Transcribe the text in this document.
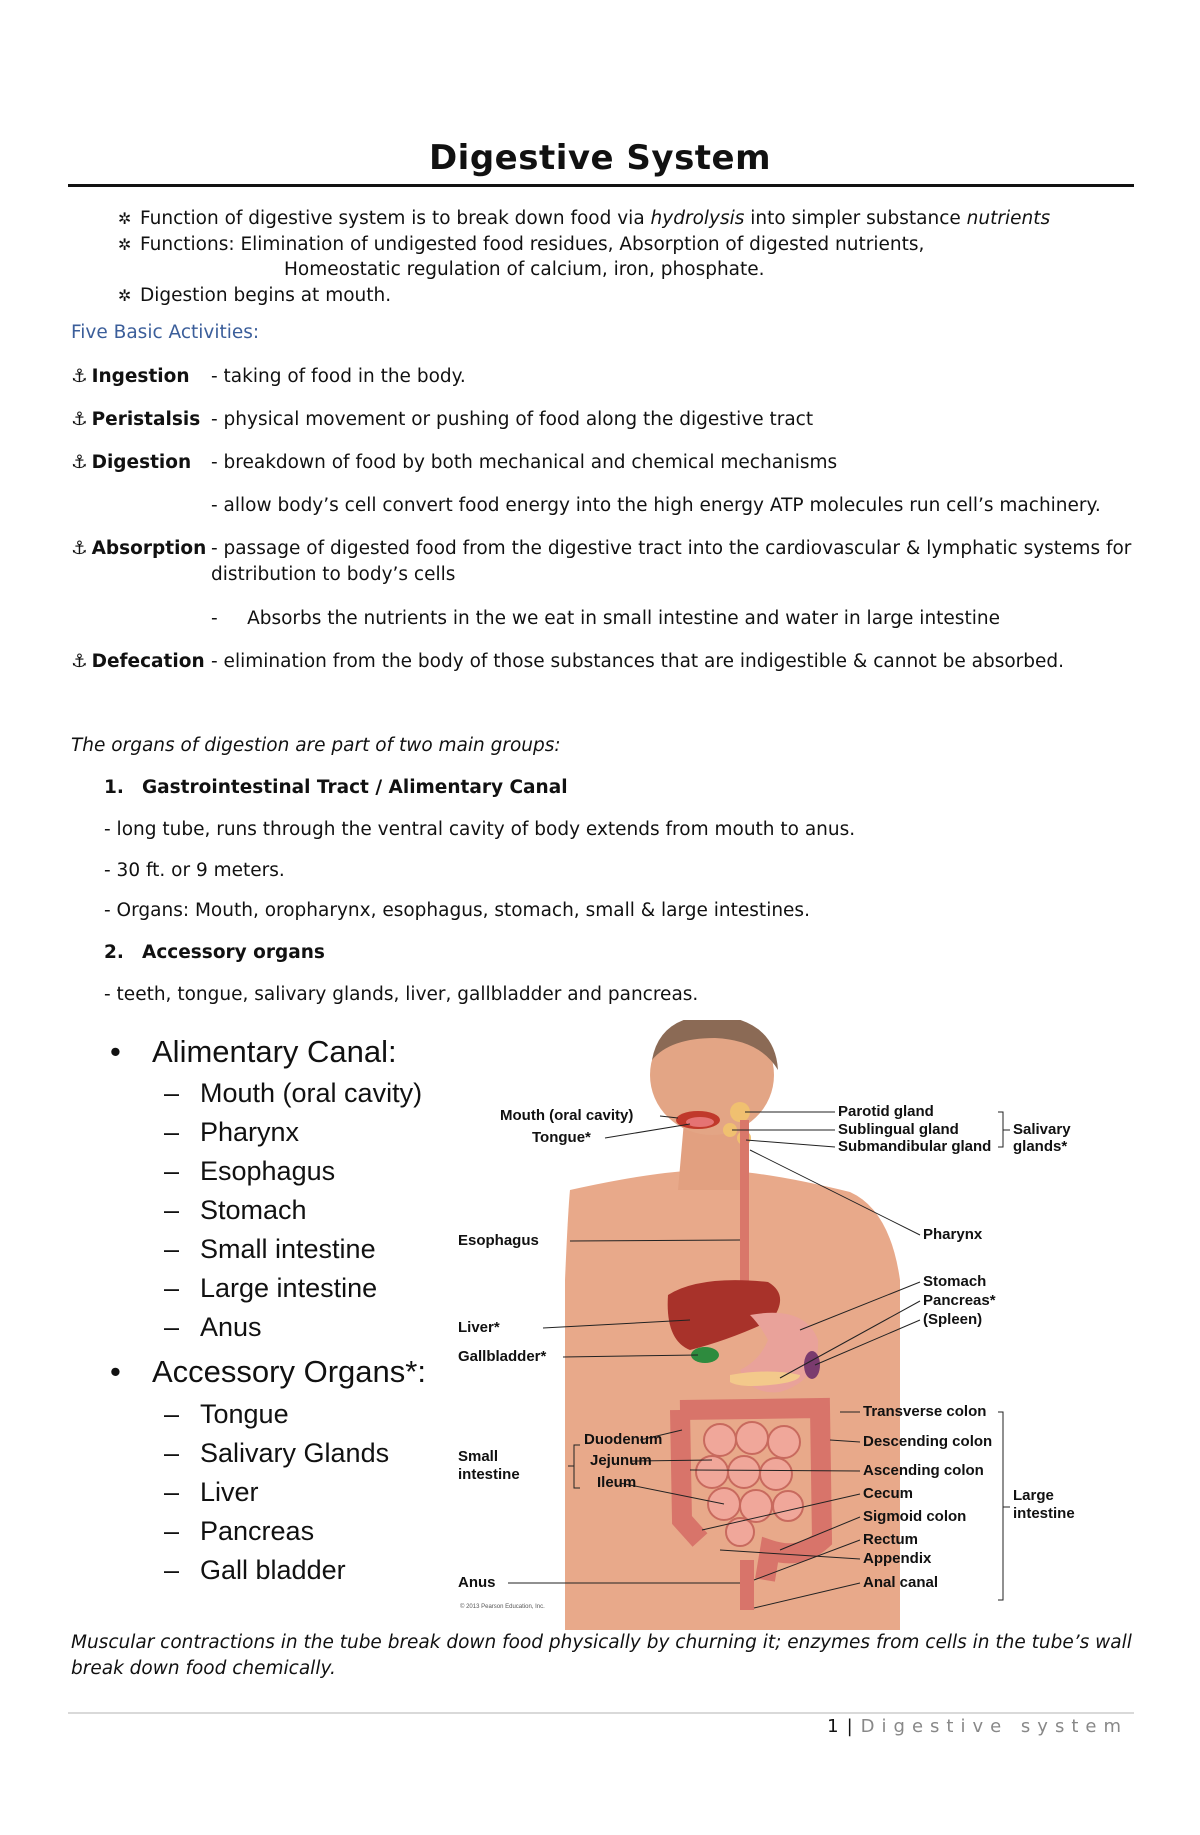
Digestive System
✲ Function of digestive system is to break down food via hydrolysis into simpler substance nutrients
✲ Functions: Elimination of undigested food residues, Absorption of digested nutrients,
Homeostatic regulation of calcium, iron, phosphate.
✲ Digestion begins at mouth.
Five Basic Activities:
⚓ Ingestion	- taking of food in the body.
⚓ Peristalsis - physical movement or pushing of food along the digestive tract
⚓ Digestion	- breakdown of food by both mechanical and chemical mechanisms
- allow body’s cell convert food energy into the high energy ATP molecules run cell’s machinery.
⚓ Absorption - passage of digested food from the digestive tract into the cardiovascular & lymphatic systems for distribution to body’s cells
-     Absorbs the nutrients in the we eat in small intestine and water in large intestine
⚓ Defecation - elimination from the body of those substances that are indigestible & cannot be absorbed.
The organs of digestion are part of two main groups:
1. Gastrointestinal Tract / Alimentary Canal
- long tube, runs through the ventral cavity of body extends from mouth to anus.
- 30 ft. or 9 meters.
- Organs: Mouth, oropharynx, esophagus, stomach, small & large intestines.
2. Accessory organs
- teeth, tongue, salivary glands, liver, gallbladder and pancreas.
• Alimentary Canal:
– Mouth (oral cavity)
– Pharynx
– Esophagus
– Stomach
– Small intestine
– Large intestine
– Anus
• Accessory Organs*:
– Tongue
– Salivary Glands
– Liver
– Pancreas
– Gall bladder
Mouth (oral cavity)
Tongue*
Parotid gland
Sublingual gland
Submandibular gland
Salivary
glands*
Esophagus	Pharynx
Stomach
Pancreas*
(Spleen)
Liver*
Gallbladder*
Transverse colon
Descending colon
Ascending colon
Cecum
Sigmoid colon
Rectum
Appendix
Anal canal
Large
intestine
Small
intestine
Duodenum
Jejunum
Ileum
Anus
© 2013 Pearson Education, Inc.
Muscular contractions in the tube break down food physically by churning it; enzymes from cells in the tube’s wall break down food chemically.
1 | Digestive system
